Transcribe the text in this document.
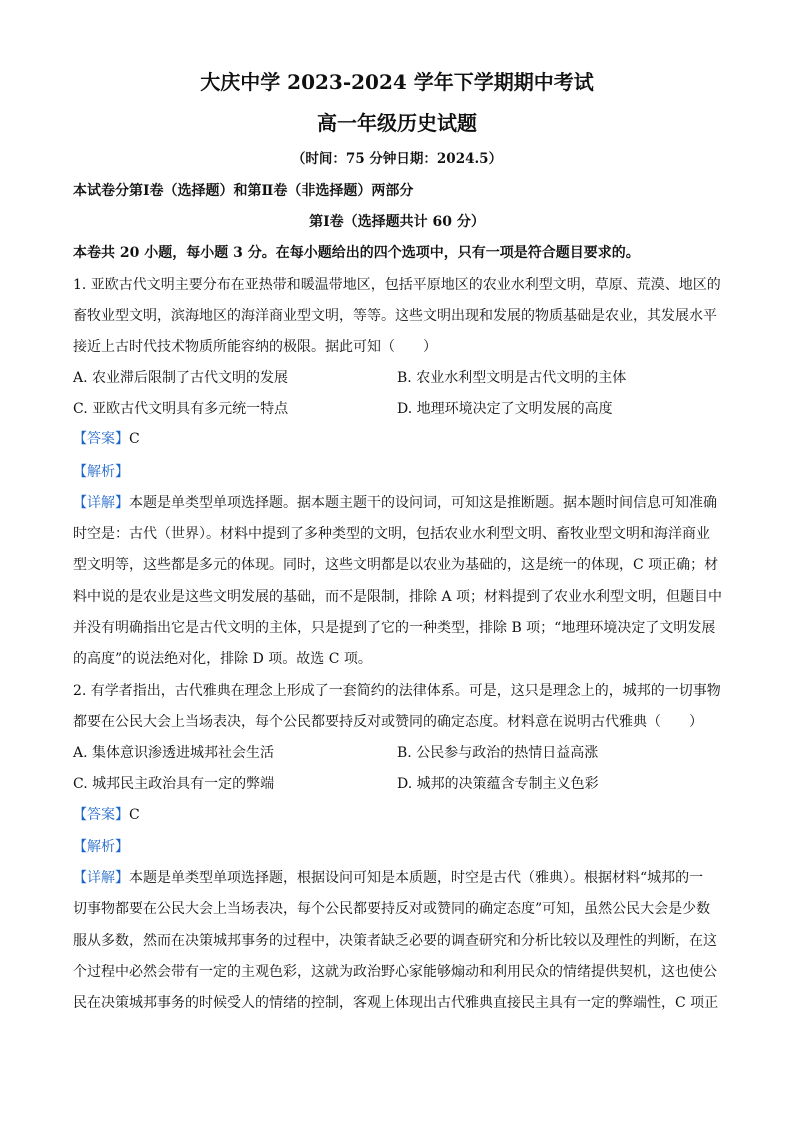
大庆中学 2023-2024 学年下学期期中考试
高一年级历史试题
（时间：75 分钟日期：2024.5）
本试卷分第Ⅰ卷（选择题）和第Ⅱ卷（非选择题）两部分
第Ⅰ卷（选择题共计 60 分）
本卷共 20 小题，每小题 3 分。在每小题给出的四个选项中，只有一项是符合题目要求的。
1. 亚欧古代文明主要分布在亚热带和暖温带地区，包括平原地区的农业水利型文明，草原、荒漠、地区的
畜牧业型文明，滨海地区的海洋商业型文明，等等。这些文明出现和发展的物质基础是农业，其发展水平
接近上古时代技术物质所能容纳的极限。据此可知（　　）
A. 农业滞后限制了古代文明的发展	B. 农业水利型文明是古代文明的主体
C. 亚欧古代文明具有多元统一特点	D. 地理环境决定了文明发展的高度
【答案】C
【解析】
【详解】本题是单类型单项选择题。据本题主题干的设问词，可知这是推断题。据本题时间信息可知准确
时空是：古代（世界）。材料中提到了多种类型的文明，包括农业水利型文明、畜牧业型文明和海洋商业
型文明等，这些都是多元的体现。同时，这些文明都是以农业为基础的，这是统一的体现，C 项正确；材
料中说的是农业是这些文明发展的基础，而不是限制，排除 A 项；材料提到了农业水利型文明，但题目中
并没有明确指出它是古代文明的主体，只是提到了它的一种类型，排除 B 项；“地理环境决定了文明发展
的高度”的说法绝对化，排除 D 项。故选 C 项。
2. 有学者指出，古代雅典在理念上形成了一套简约的法律体系。可是，这只是理念上的，城邦的一切事物
都要在公民大会上当场表决，每个公民都要持反对或赞同的确定态度。材料意在说明古代雅典（　　）
A. 集体意识渗透进城邦社会生活	B. 公民参与政治的热情日益高涨
C. 城邦民主政治具有一定的弊端	D. 城邦的决策蕴含专制主义色彩
【答案】C
【解析】
【详解】本题是单类型单项选择题，根据设问可知是本质题，时空是古代（雅典）。根据材料“城邦的一
切事物都要在公民大会上当场表决，每个公民都要持反对或赞同的确定态度”可知，虽然公民大会是少数
服从多数，然而在决策城邦事务的过程中，决策者缺乏必要的调查研究和分析比较以及理性的判断，在这
个过程中必然会带有一定的主观色彩，这就为政治野心家能够煽动和利用民众的情绪提供契机，这也使公
民在决策城邦事务的时候受人的情绪的控制，客观上体现出古代雅典直接民主具有一定的弊端性，C 项正
